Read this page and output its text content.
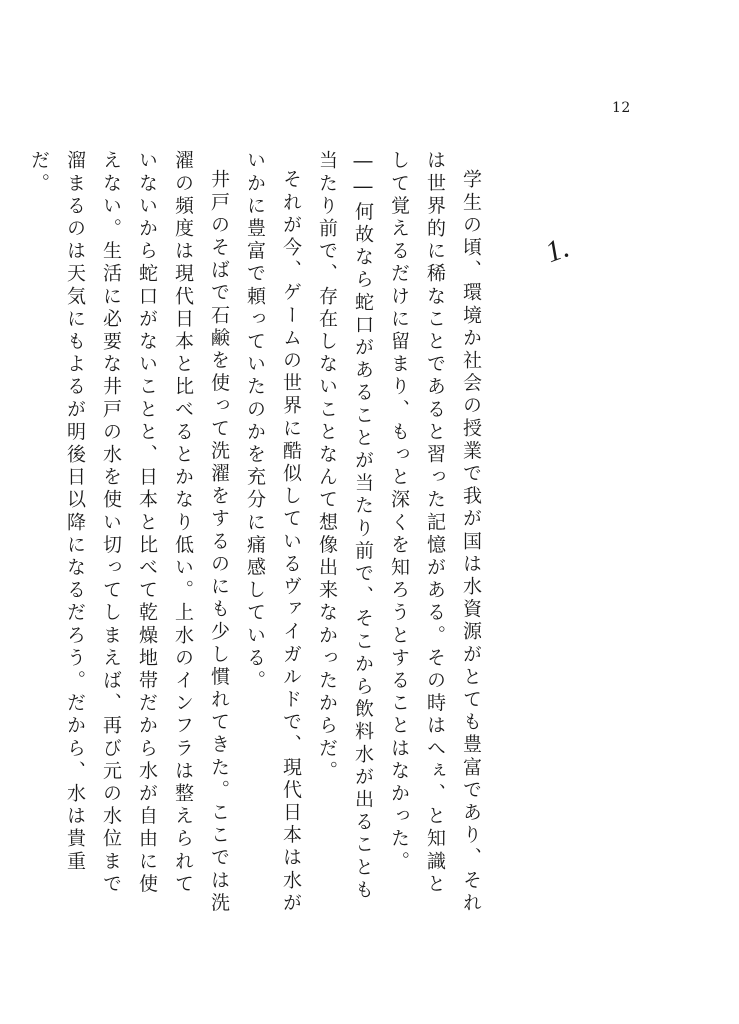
12
1.

学生の頃、環境か社会の授業で我が国は水資源がとても豊富であり、それは世界的に稀なことであると習った記憶がある。その時はへぇ、と知識として覚えるだけに留まり、もっと深くを知ろうとすることはなかった。――何故なら蛇口があることが当たり前で、そこから飲料水が出ることも当たり前で、存在しないことなんて想像出来なかったからだ。

それが今、ゲームの世界に酷似しているヴァイガルドで、現代日本は水がいかに豊富で頼っていたのかを充分に痛感している。

井戸のそばで石鹸を使って洗濯をするのにも少し慣れてきた。ここでは洗濯の頻度は現代日本と比べるとかなり低い。上水のインフラは整えられていないから蛇口がないことと、日本と比べて乾燥地帯だから水が自由に使えない。生活に必要な井戸の水を使い切ってしまえば、再び元の水位まで溜まるのは天気にもよるが明後日以降になるだろう。だから、水は貴重だ。
